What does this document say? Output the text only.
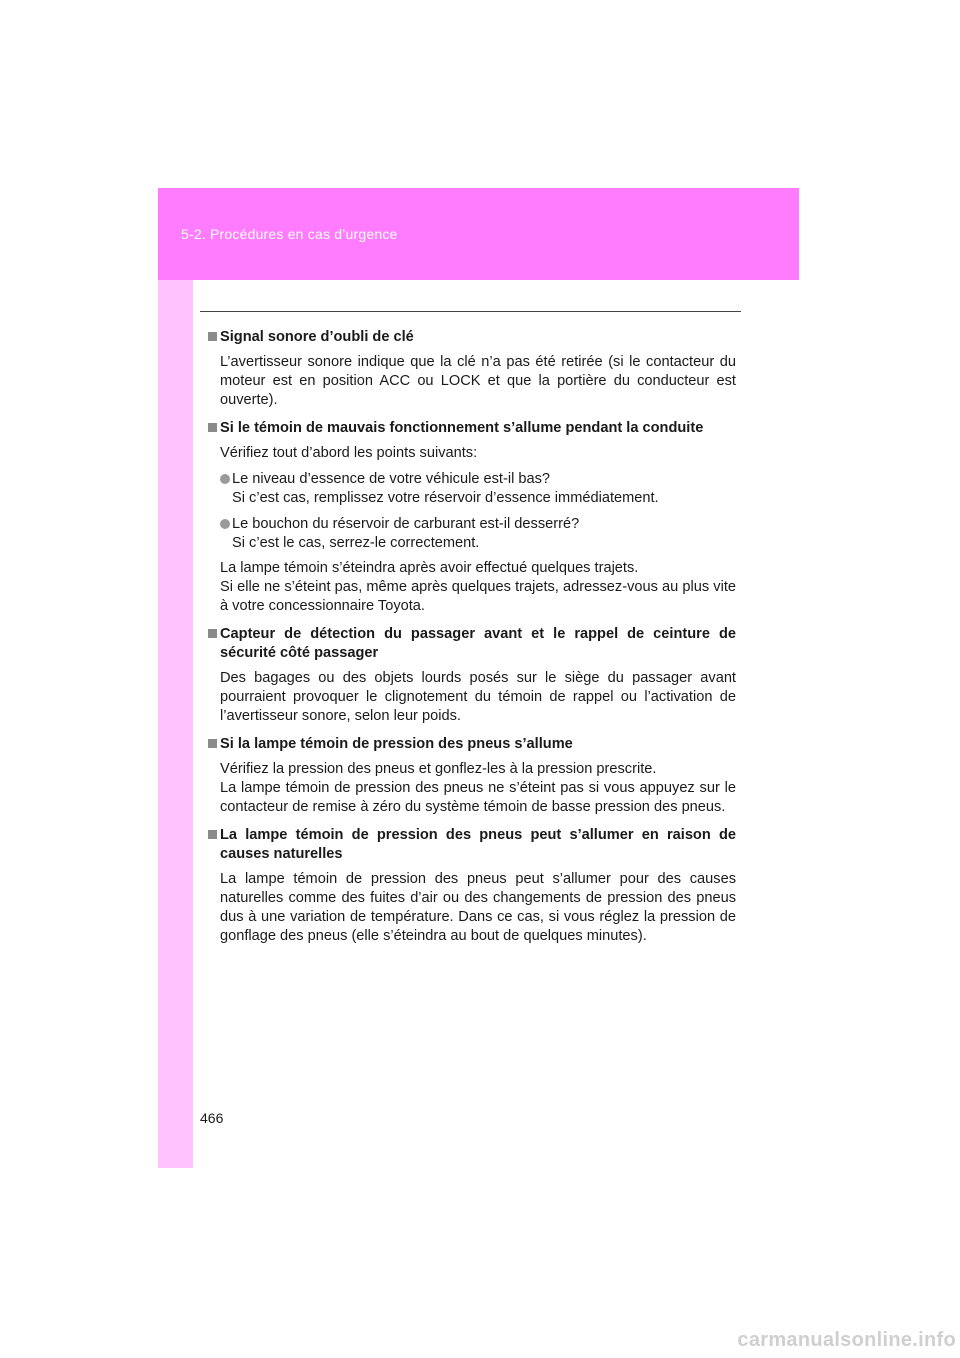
5-2. Procédures en cas d’urgence
Signal sonore d’oubli de clé
L’avertisseur sonore indique que la clé n’a pas été retirée (si le contacteur du moteur est en position ACC ou LOCK et que la portière du conducteur est ouverte).
Si le témoin de mauvais fonctionnement s’allume pendant la conduite
Vérifiez tout d’abord les points suivants:
Le niveau d’essence de votre véhicule est-il bas?
Si c’est cas, remplissez votre réservoir d’essence immédiatement.
Le bouchon du réservoir de carburant est-il desserré?
Si c’est le cas, serrez-le correctement.
La lampe témoin s’éteindra après avoir effectué quelques trajets.
Si elle ne s’éteint pas, même après quelques trajets, adressez-vous au plus vite à votre concessionnaire Toyota.
Capteur de détection du passager avant et le rappel de ceinture de sécurité côté passager
Des bagages ou des objets lourds posés sur le siège du passager avant pourraient provoquer le clignotement du témoin de rappel ou l’activation de l’avertisseur sonore, selon leur poids.
Si la lampe témoin de pression des pneus s’allume
Vérifiez la pression des pneus et gonflez-les à la pression prescrite.
La lampe témoin de pression des pneus ne s’éteint pas si vous appuyez sur le contacteur de remise à zéro du système témoin de basse pression des pneus.
La lampe témoin de pression des pneus peut s’allumer en raison de causes naturelles
La lampe témoin de pression des pneus peut s’allumer pour des causes naturelles comme des fuites d’air ou des changements de pression des pneus dus à une variation de température. Dans ce cas, si vous réglez la pression de gonflage des pneus (elle s’éteindra au bout de quelques minutes).
466
carmanualsonline.info
